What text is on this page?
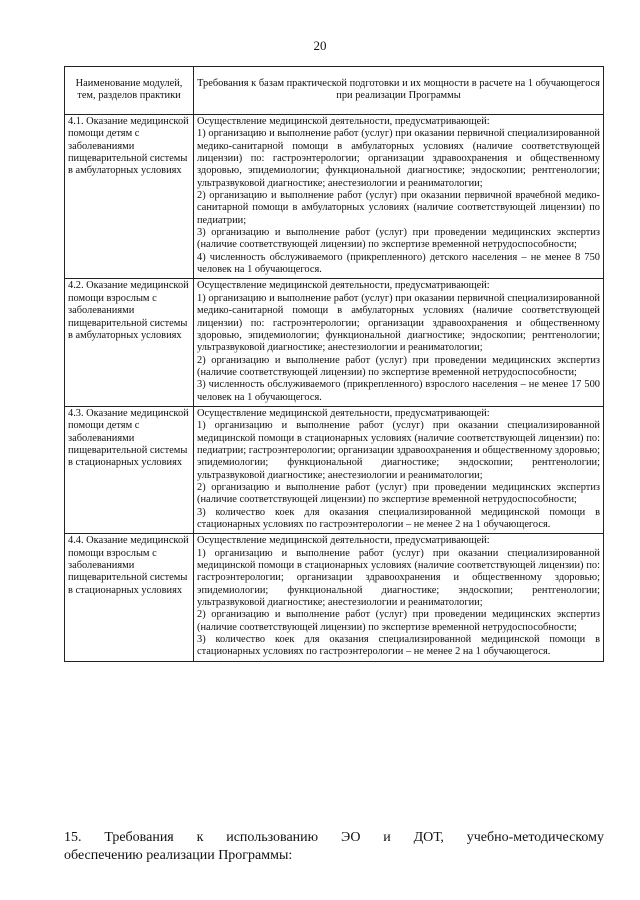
20
Наименование модулей, тем, разделов практики	Требования к базам практической подготовки и их мощности в расчете на 1 обучающегося при реализации Программы
4.1. Оказание медицинской помощи детям с заболеваниями пищеварительной системы в амбулаторных условиях	Осуществление медицинской деятельности, предусматривающей:
1) организацию и выполнение работ (услуг) при оказании первичной специализированной медико-санитарной помощи в амбулаторных условиях (наличие соответствующей лицензии) по: гастроэнтерологии; организации здравоохранения и общественному здоровью, эпидемиологии; функциональной диагностике; эндоскопии; рентгенологии; ультразвуковой диагностике; анестезиологии и реаниматологии;
2) организацию и выполнение работ (услуг) при оказании первичной врачебной медико-санитарной помощи в амбулаторных условиях (наличие соответствующей лицензии) по педиатрии;
3) организацию и выполнение работ (услуг) при проведении медицинских экспертиз (наличие соответствующей лицензии) по экспертизе временной нетрудоспособности;
4) численность обслуживаемого (прикрепленного) детского населения – не менее 8 750 человек на 1 обучающегося.

4.2. Оказание медицинской помощи взрослым с заболеваниями пищеварительной системы в амбулаторных условиях	Осуществление медицинской деятельности, предусматривающей:
1) организацию и выполнение работ (услуг) при оказании первичной специализированной медико-санитарной помощи в амбулаторных условиях (наличие соответствующей лицензии) по: гастроэнтерологии; организации здравоохранения и общественному здоровью, эпидемиологии; функциональной диагностике; эндоскопии; рентгенологии; ультразвуковой диагностике; анестезиологии и реаниматологии;
2) организацию и выполнение работ (услуг) при проведении медицинских экспертиз (наличие соответствующей лицензии) по экспертизе временной нетрудоспособности;
3) численность обслуживаемого (прикрепленного) взрослого населения – не менее 17 500 человек на 1 обучающегося.

4.3. Оказание медицинской помощи детям с заболеваниями пищеварительной системы в стационарных условиях	Осуществление медицинской деятельности, предусматривающей:
1) организацию и выполнение работ (услуг) при оказании специализированной медицинской помощи в стационарных условиях (наличие соответствующей лицензии) по: педиатрии; гастроэнтерологии; организации здравоохранения и общественному здоровью; эпидемиологии; функциональной диагностике; эндоскопии; рентгенологии; ультразвуковой диагностике; анестезиологии и реаниматологии;
2) организацию и выполнение работ (услуг) при проведении медицинских экспертиз (наличие соответствующей лицензии) по экспертизе временной нетрудоспособности;
3) количество коек для оказания специализированной медицинской помощи в стационарных условиях по гастроэнтерологии – не менее 2 на 1 обучающегося.

4.4. Оказание медицинской помощи взрослым с заболеваниями пищеварительной системы в стационарных условиях	Осуществление медицинской деятельности, предусматривающей:
1) организацию и выполнение работ (услуг) при оказании специализированной медицинской помощи в стационарных условиях (наличие соответствующей лицензии) по: гастроэнтерологии; организации здравоохранения и общественному здоровью; эпидемиологии; функциональной диагностике; эндоскопии; рентгенологии; ультразвуковой диагностике; анестезиологии и реаниматологии;
2) организацию и выполнение работ (услуг) при проведении медицинских экспертиз (наличие соответствующей лицензии) по экспертизе временной нетрудоспособности;
3) количество коек для оказания специализированной медицинской помощи в стационарных условиях по гастроэнтерологии – не менее 2 на 1 обучающегося.
15. Требования к использованию ЭО и ДОТ, учебно-методическому
обеспечению реализации Программы:
